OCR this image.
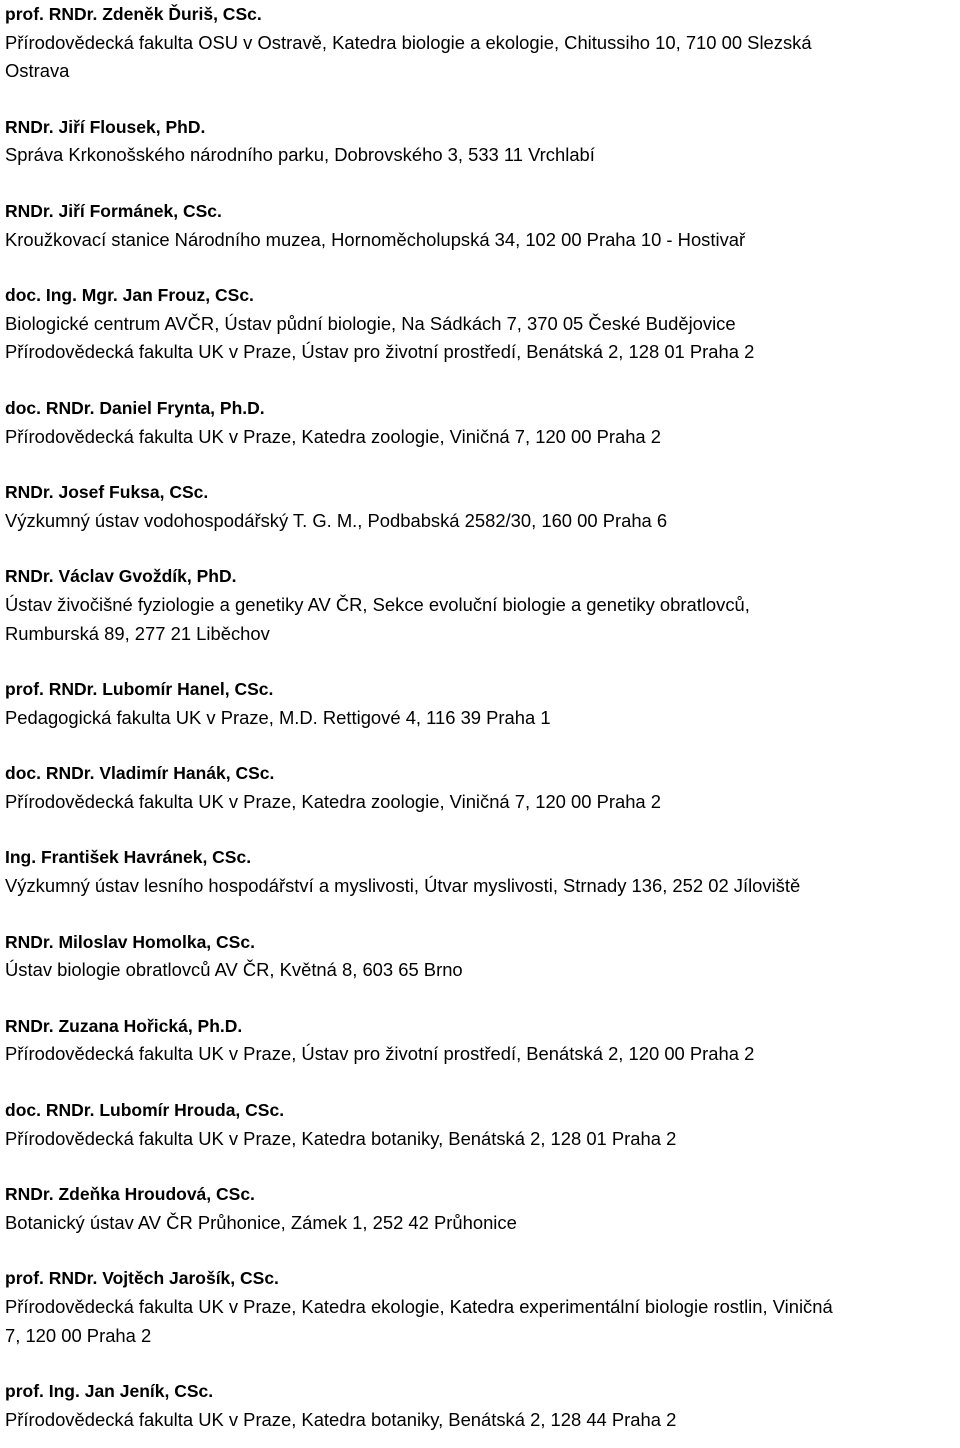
prof. RNDr. Zdeněk Ďuriš, CSc.
Přírodovědecká fakulta OSU v Ostravě, Katedra biologie a ekologie, Chitussiho 10, 710 00 Slezská
Ostrava
RNDr. Jiří Flousek, PhD.
Správa Krkonošského národního parku, Dobrovského 3, 533 11 Vrchlabí
RNDr. Jiří Formánek, CSc.
Kroužkovací stanice Národního muzea, Hornoměcholupská 34, 102 00 Praha 10 - Hostivař
doc. Ing. Mgr. Jan Frouz, CSc.
Biologické centrum AVČR, Ústav půdní biologie, Na Sádkách 7, 370 05 České Budějovice
Přírodovědecká fakulta UK v Praze, Ústav pro životní prostředí, Benátská 2, 128 01 Praha 2
doc. RNDr. Daniel Frynta, Ph.D.
Přírodovědecká fakulta UK v Praze, Katedra zoologie, Viničná 7, 120 00 Praha 2
RNDr. Josef Fuksa, CSc.
Výzkumný ústav vodohospodářský T. G. M., Podbabská 2582/30, 160 00 Praha 6
RNDr. Václav Gvoždík, PhD.
Ústav živočišné fyziologie a genetiky AV ČR, Sekce evoluční biologie a genetiky obratlovců,
Rumburská 89, 277 21 Liběchov
prof. RNDr. Lubomír Hanel, CSc.
Pedagogická fakulta UK v Praze, M.D. Rettigové 4, 116 39 Praha 1
doc. RNDr. Vladimír Hanák, CSc.
Přírodovědecká fakulta UK v Praze, Katedra zoologie, Viničná 7, 120 00 Praha 2
Ing. František Havránek, CSc.
Výzkumný ústav lesního hospodářství a myslivosti, Útvar myslivosti, Strnady 136, 252 02 Jíloviště
RNDr. Miloslav Homolka, CSc.
Ústav biologie obratlovců AV ČR, Květná 8, 603 65 Brno
RNDr. Zuzana Hořická, Ph.D.
Přírodovědecká fakulta UK v Praze, Ústav pro životní prostředí, Benátská 2, 120 00 Praha 2
doc. RNDr. Lubomír Hrouda, CSc.
Přírodovědecká fakulta UK v Praze, Katedra botaniky, Benátská 2, 128 01 Praha 2
RNDr. Zdeňka Hroudová, CSc.
Botanický ústav AV ČR Průhonice, Zámek 1, 252 42 Průhonice
prof. RNDr. Vojtěch Jarošík, CSc.
Přírodovědecká fakulta UK v Praze, Katedra ekologie, Katedra experimentální biologie rostlin, Viničná
7, 120 00 Praha 2
prof. Ing. Jan Jeník, CSc.
Přírodovědecká fakulta UK v Praze, Katedra botaniky, Benátská 2, 128 44 Praha 2
